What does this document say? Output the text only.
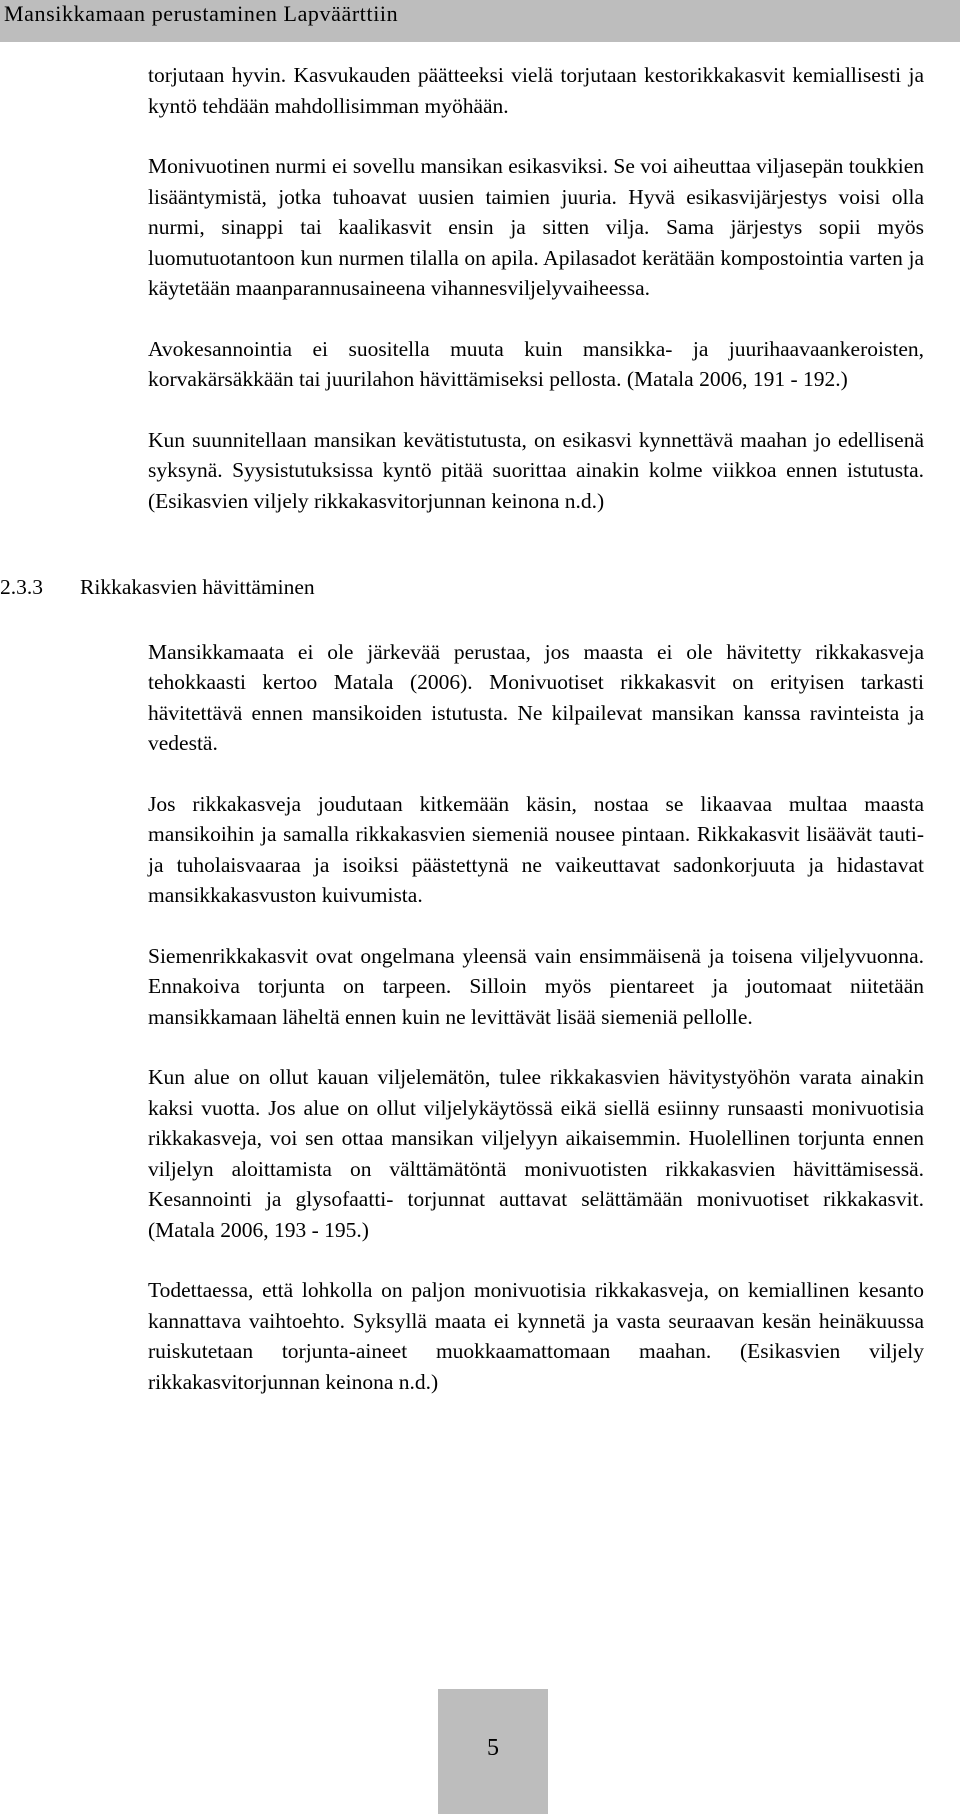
Mansikkamaan perustaminen Lapväärttiin

torjutaan hyvin. Kasvukauden päätteeksi vielä torjutaan kestorikkakasvit kemiallisesti ja kyntö tehdään mahdollisimman myöhään.

Monivuotinen nurmi ei sovellu mansikan esikasviksi. Se voi aiheuttaa viljasepän toukkien lisääntymistä, jotka tuhoavat uusien taimien juuria. Hyvä esikasvijärjestys voisi olla nurmi, sinappi tai kaalikasvit ensin ja sitten vilja. Sama järjestys sopii myös luomutuotantoon kun nurmen tilalla on apila. Apilasadot kerätään kompostointia varten ja käytetään maanparannusaineena vihannesviljelyvaiheessa.

Avokesannointia ei suositella muuta kuin mansikka- ja juurihaavaankeroisten, korvakärsäkkään tai juurilahon hävittämiseksi pellosta. (Matala 2006, 191 - 192.)

Kun suunnitellaan mansikan kevätistutusta, on esikasvi kynnettävä maahan jo edellisenä syksynä. Syysistutuksissa kyntö pitää suorittaa ainakin kolme viikkoa ennen istutusta. (Esikasvien viljely rikkakasvitorjunnan keinona n.d.)

2.3.3 Rikkakasvien hävittäminen

Mansikkamaata ei ole järkevää perustaa, jos maasta ei ole hävitetty rikkakasveja tehokkaasti kertoo Matala (2006). Monivuotiset rikkakasvit on erityisen tarkasti hävitettävä ennen mansikoiden istutusta. Ne kilpailevat mansikan kanssa ravinteista ja vedestä.

Jos rikkakasveja joudutaan kitkemään käsin, nostaa se likaavaa multaa maasta mansikoihin ja samalla rikkakasvien siemeniä nousee pintaan. Rikkakasvit lisäävät tauti- ja tuholaisvaaraa ja isoiksi päästettynä ne vaikeuttavat sadonkorjuuta ja hidastavat mansikkakasvuston kuivumista.

Siemenrikkakasvit ovat ongelmana yleensä vain ensimmäisenä ja toisena viljelyvuonna. Ennakoiva torjunta on tarpeen. Silloin myös pientareet ja joutomaat niitetään mansikkamaan läheltä ennen kuin ne levittävät lisää siemeniä pellolle.

Kun alue on ollut kauan viljelemätön, tulee rikkakasvien hävitystyöhön varata ainakin kaksi vuotta. Jos alue on ollut viljelykäytössä eikä siellä esiinny runsaasti monivuotisia rikkakasveja, voi sen ottaa mansikan viljelyyn aikaisemmin. Huolellinen torjunta ennen viljelyn aloittamista on välttämätöntä monivuotisten rikkakasvien hävittämisessä. Kesannointi ja glysofaatti- torjunnat auttavat selättämään monivuotiset rikkakasvit. (Matala 2006, 193 - 195.)

Todettaessa, että lohkolla on paljon monivuotisia rikkakasveja, on kemiallinen kesanto kannattava vaihtoehto. Syksyllä maata ei kynnetä ja vasta seuraavan kesän heinäkuussa ruiskutetaan torjunta-aineet muokkaamattomaan maahan. (Esikasvien viljely rikkakasvitorjunnan keinona n.d.)

5
